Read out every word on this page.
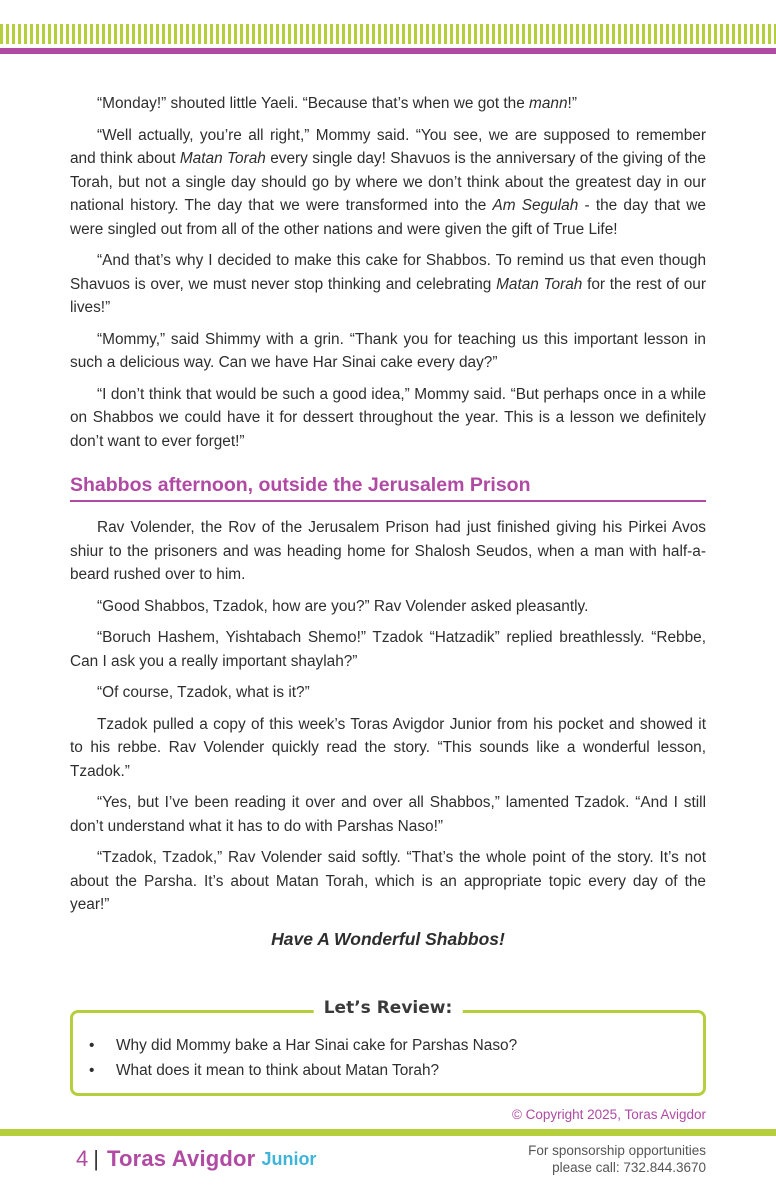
“Monday!” shouted little Yaeli. “Because that’s when we got the mann!”

“Well actually, you’re all right,” Mommy said. “You see, we are supposed to remember and think about Matan Torah every single day! Shavuos is the anniversary of the giving of the Torah, but not a single day should go by where we don’t think about the greatest day in our national history. The day that we were transformed into the Am Segulah - the day that we were singled out from all of the other nations and were given the gift of True Life!

“And that’s why I decided to make this cake for Shabbos. To remind us that even though Shavuos is over, we must never stop thinking and celebrating Matan Torah for the rest of our lives!”

“Mommy,” said Shimmy with a grin. “Thank you for teaching us this important lesson in such a delicious way. Can we have Har Sinai cake every day?”

“I don’t think that would be such a good idea,” Mommy said. “But perhaps once in a while on Shabbos we could have it for dessert throughout the year. This is a lesson we definitely don’t want to ever forget!”

Shabbos afternoon, outside the Jerusalem Prison

Rav Volender, the Rov of the Jerusalem Prison had just finished giving his Pirkei Avos shiur to the prisoners and was heading home for Shalosh Seudos, when a man with half-a-beard rushed over to him.

“Good Shabbos, Tzadok, how are you?” Rav Volender asked pleasantly.

“Boruch Hashem, Yishtabach Shemo!” Tzadok “Hatzadik” replied breathlessly. “Rebbe, Can I ask you a really important shaylah?”

“Of course, Tzadok, what is it?”

Tzadok pulled a copy of this week’s Toras Avigdor Junior from his pocket and showed it to his rebbe. Rav Volender quickly read the story. “This sounds like a wonderful lesson, Tzadok.”

“Yes, but I’ve been reading it over and over all Shabbos,” lamented Tzadok. “And I still don’t understand what it has to do with Parshas Naso!”

“Tzadok, Tzadok,” Rav Volender said softly. “That’s the whole point of the story. It’s not about the Parsha. It’s about Matan Torah, which is an appropriate topic every day of the year!”

Have A Wonderful Shabbos!
Let’s Review:
• Why did Mommy bake a Har Sinai cake for Parshas Naso?
• What does it mean to think about Matan Torah?
© Copyright 2025, Toras Avigdor
4 | Toras Avigdor Junior	For sponsorship opportunities
please call: 732.844.3670
